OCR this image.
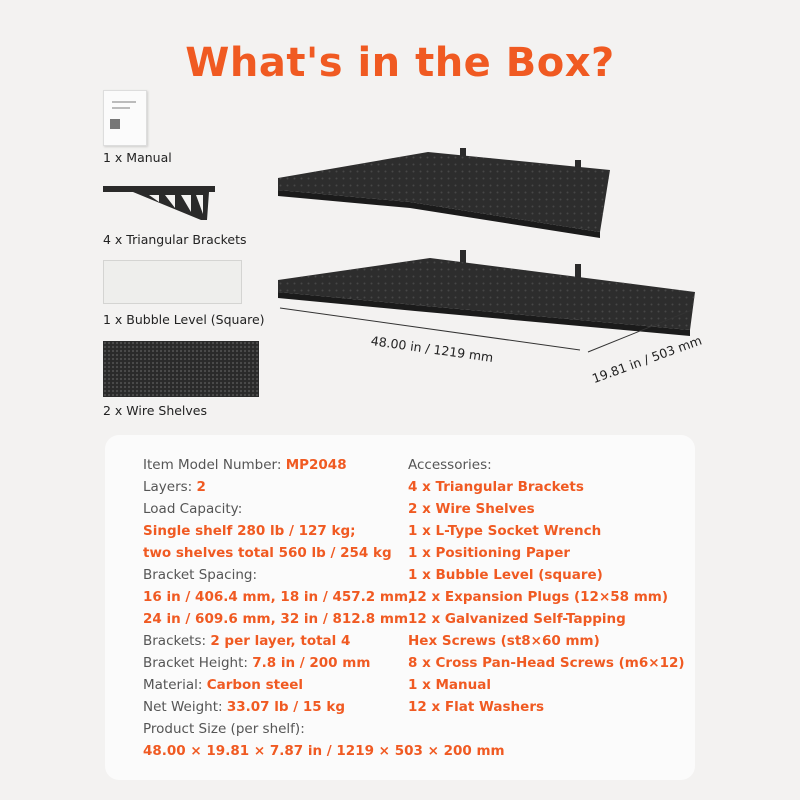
What's in the Box?
1 x Manual
4 x Triangular Brackets
1 x Bubble Level (Square)
2 x Wire Shelves
48.00 in / 1219 mm	19.81 in / 503 mm
Item Model Number: MP2048
Layers: 2
Load Capacity:
Single shelf 280 lb / 127 kg;
two shelves total 560 lb / 254 kg
Bracket Spacing:
16 in / 406.4 mm, 18 in / 457.2 mm,
24 in / 609.6 mm, 32 in / 812.8 mm
Brackets: 2 per layer, total 4
Bracket Height: 7.8 in / 200 mm
Material: Carbon steel
Net Weight: 33.07 lb / 15 kg
Product Size (per shelf):
48.00 × 19.81 × 7.87 in / 1219 × 503 × 200 mm
Accessories:
4 x Triangular Brackets
2 x Wire Shelves
1 x L-Type Socket Wrench
1 x Positioning Paper
1 x Bubble Level (square)
12 x Expansion Plugs (12×58 mm)
12 x Galvanized Self-Tapping
Hex Screws (st8×60 mm)
8 x Cross Pan-Head Screws (m6×12)
1 x Manual
12 x Flat Washers
